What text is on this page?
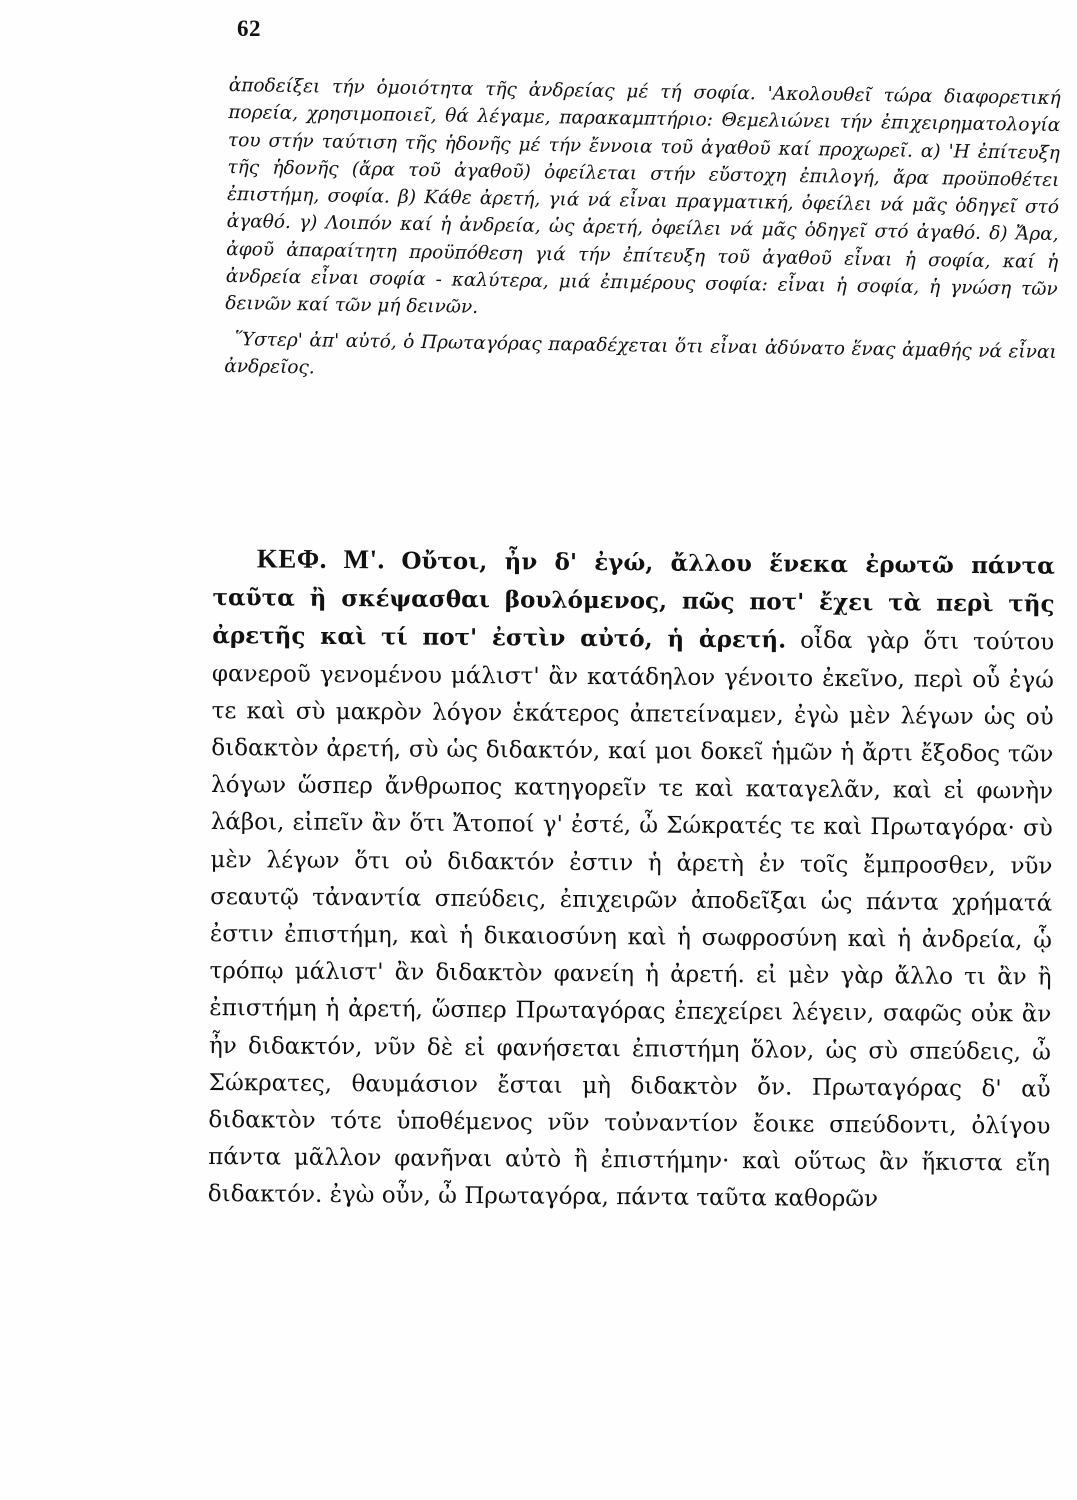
62

ἀποδείξει τήν ὁμοιότητα τῆς ἀνδρείας μέ τή σοφία. 'Ακολουθεῖ τώρα διαφορετική πορεία, χρησιμοποιεῖ, θά λέγαμε, παρακαμπτήριο: Θεμελιώνει τήν ἐπιχειρηματολογία του στήν ταύτιση τῆς ἡδονῆς μέ τήν ἔννοια τοῦ ἀγαθοῦ καί προχωρεῖ. α) 'Η ἐπίτευξη τῆς ἡδονῆς (ἄρα τοῦ ἀγαθοῦ) ὀφείλεται στήν εὔστοχη ἐπιλογή, ἄρα προϋποθέτει ἐπιστήμη, σοφία. β) Κάθε ἀρετή, γιά νά εἶναι πραγματική, ὀφείλει νά μᾶς ὁδηγεῖ στό ἀγαθό. γ) Λοιπόν καί ἡ ἀνδρεία, ὡς ἀρετή, ὀφείλει νά μᾶς ὁδηγεῖ στό ἀγαθό. δ) Ἄρα, ἀφοῦ ἀπαραίτητη προϋπόθεση γιά τήν ἐπίτευξη τοῦ ἀγαθοῦ εἶναι ἡ σοφία, καί ἡ ἀνδρεία εἶναι σοφία - καλύτερα, μιά ἐπιμέρους σοφία: εἶναι ἡ σοφία, ἡ γνώση τῶν δεινῶν καί τῶν μή δεινῶν.

Ὕστερ' ἀπ' αὐτό, ὁ Πρωταγόρας παραδέχεται ὅτι εἶναι ἀδύνατο ἕνας ἀμαθής νά εἶναι ἀνδρεῖος.

ΚΕΦ. Μ'. Οὔτοι, ἦν δ' ἐγώ, ἄλλου ἕνεκα ἐρωτῶ πάντα ταῦτα ἢ σκέψασθαι βουλόμενος, πῶς ποτ' ἔχει τὰ περὶ τῆς ἀρετῆς καὶ τί ποτ' ἐστὶν αὐτό, ἡ ἀρετή. οἶδα γὰρ ὅτι τούτου φανεροῦ γενομένου μάλιστ' ἂν κατάδηλον γένοιτο ἐκεῖνο, περὶ οὗ ἐγώ τε καὶ σὺ μακρὸν λόγον ἑκάτερος ἀπετείναμεν, ἐγὼ μὲν λέγων ὡς οὐ διδακτὸν ἀρετή, σὺ ὡς διδακτόν, καί μοι δοκεῖ ἡμῶν ἡ ἄρτι ἔξοδος τῶν λόγων ὥσπερ ἄνθρωπος κατηγορεῖν τε καὶ καταγελᾶν, καὶ εἰ φωνὴν λάβοι, εἰπεῖν ἂν ὅτι Ἄτοποί γ' ἐστέ, ὦ Σώκρατές τε καὶ Πρωταγόρα· σὺ μὲν λέγων ὅτι οὐ διδακτόν ἐστιν ἡ ἀρετὴ ἐν τοῖς ἔμπροσθεν, νῦν σεαυτῷ τἀναντία σπεύδεις, ἐπιχειρῶν ἀποδεῖξαι ὡς πάντα χρήματά ἐστιν ἐπιστήμη, καὶ ἡ δικαιοσύνη καὶ ἡ σωφροσύνη καὶ ἡ ἀνδρεία, ᾧ τρόπῳ μάλιστ' ἂν διδακτὸν φανείη ἡ ἀρετή. εἰ μὲν γὰρ ἄλλο τι ἂν ἢ ἐπιστήμη ἡ ἀρετή, ὥσπερ Πρωταγόρας ἐπεχείρει λέγειν, σαφῶς οὐκ ἂν ἦν διδακτόν, νῦν δὲ εἰ φανήσεται ἐπιστήμη ὅλον, ὡς σὺ σπεύδεις, ὦ Σώκρατες, θαυμάσιον ἔσται μὴ διδακτὸν ὄν. Πρωταγόρας δ' αὖ διδακτὸν τότε ὑποθέμενος νῦν τοὐναντίον ἔοικε σπεύδοντι, ὀλίγου πάντα μᾶλλον φανῆναι αὐτὸ ἢ ἐπιστήμην· καὶ οὕτως ἂν ἥκιστα εἴη διδακτόν. ἐγὼ οὖν, ὦ Πρωταγόρα, πάντα ταῦτα καθορῶν
